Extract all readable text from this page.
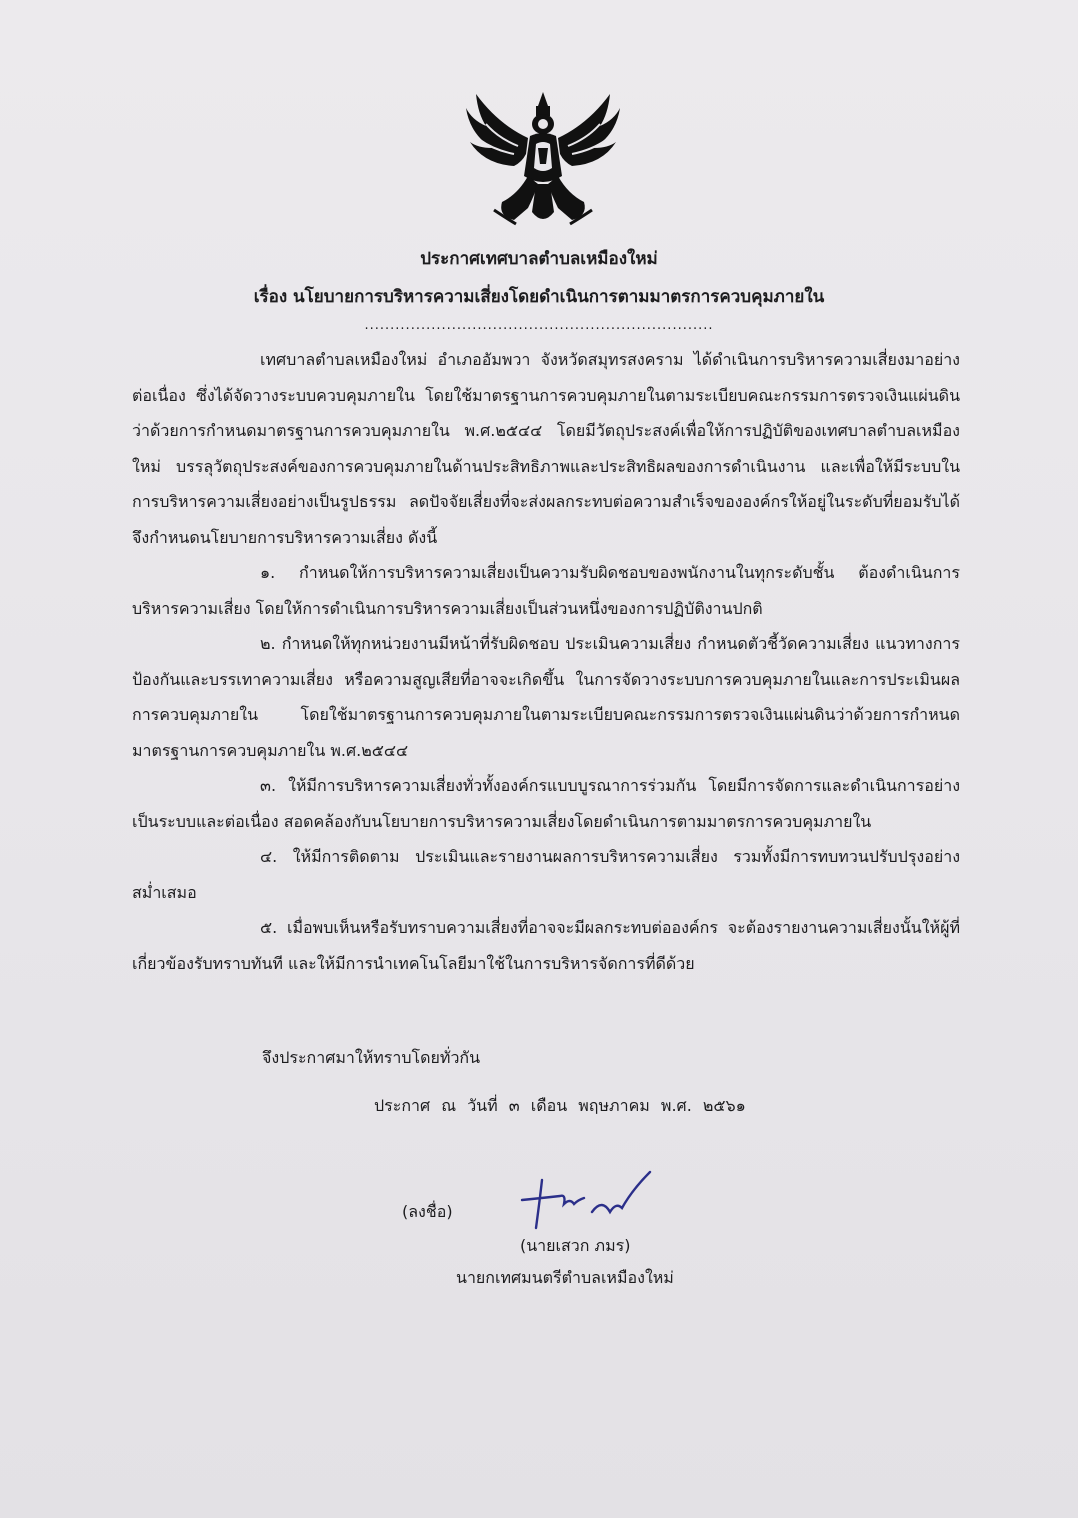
ประกาศเทศบาลตำบลเหมืองใหม่
เรื่อง นโยบายการบริหารความเสี่ยงโดยดำเนินการตามมาตรการควบคุมภายใน
....................................................................

เทศบาลตำบลเหมืองใหม่ อำเภออัมพวา จังหวัดสมุทรสงคราม ได้ดำเนินการบริหารความเสี่ยงมาอย่างต่อเนื่อง ซึ่งได้จัดวางระบบควบคุมภายใน โดยใช้มาตรฐานการควบคุมภายในตามระเบียบคณะกรรมการตรวจเงินแผ่นดินว่าด้วยการกำหนดมาตรฐานการควบคุมภายใน พ.ศ.๒๕๔๔ โดยมีวัตถุประสงค์เพื่อให้การปฏิบัติของเทศบาลตำบลเหมืองใหม่ บรรลุวัตถุประสงค์ของการควบคุมภายในด้านประสิทธิภาพและประสิทธิผลของการดำเนินงาน และเพื่อให้มีระบบในการบริหารความเสี่ยงอย่างเป็นรูปธรรม ลดปัจจัยเสี่ยงที่จะส่งผลกระทบต่อความสำเร็จขององค์กรให้อยู่ในระดับที่ยอมรับได้ จึงกำหนดนโยบายการบริหารความเสี่ยง ดังนี้

๑. กำหนดให้การบริหารความเสี่ยงเป็นความรับผิดชอบของพนักงานในทุกระดับชั้น ต้องดำเนินการบริหารความเสี่ยง โดยให้การดำเนินการบริหารความเสี่ยงเป็นส่วนหนึ่งของการปฏิบัติงานปกติ

๒. กำหนดให้ทุกหน่วยงานมีหน้าที่รับผิดชอบ ประเมินความเสี่ยง กำหนดตัวชี้วัดความเสี่ยง แนวทางการป้องกันและบรรเทาความเสี่ยง หรือความสูญเสียที่อาจจะเกิดขึ้น ในการจัดวางระบบการควบคุมภายในและการประเมินผลการควบคุมภายใน โดยใช้มาตรฐานการควบคุมภายในตามระเบียบคณะกรรมการตรวจเงินแผ่นดินว่าด้วยการกำหนดมาตรฐานการควบคุมภายใน พ.ศ.๒๕๔๔

๓. ให้มีการบริหารความเสี่ยงทั่วทั้งองค์กรแบบบูรณาการร่วมกัน โดยมีการจัดการและดำเนินการอย่างเป็นระบบและต่อเนื่อง สอดคล้องกับนโยบายการบริหารความเสี่ยงโดยดำเนินการตามมาตรการควบคุมภายใน

๔. ให้มีการติดตาม ประเมินและรายงานผลการบริหารความเสี่ยง รวมทั้งมีการทบทวนปรับปรุงอย่างสม่ำเสมอ

๕. เมื่อพบเห็นหรือรับทราบความเสี่ยงที่อาจจะมีผลกระทบต่อองค์กร จะต้องรายงานความเสี่ยงนั้นให้ผู้ที่เกี่ยวข้องรับทราบทันที และให้มีการนำเทคโนโลยีมาใช้ในการบริหารจัดการที่ดีด้วย

จึงประกาศมาให้ทราบโดยทั่วกัน
ประกาศ ณ วันที่ ๓ เดือน พฤษภาคม พ.ศ. ๒๕๖๑
(ลงชื่อ)
(นายเสวก ภมร)
นายกเทศมนตรีตำบลเหมืองใหม่
